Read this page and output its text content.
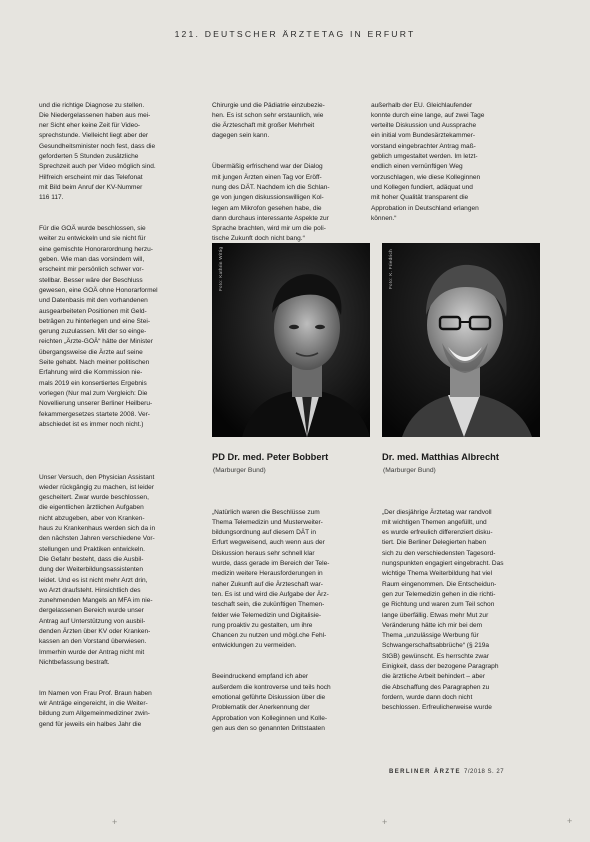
121. DEUTSCHER ÄRZTETAG IN ERFURT

und die richtige Diagnose zu stellen.
Die Niedergelassenen haben aus mei-
ner Sicht eher keine Zeit für Video-
sprechstunde. Vielleicht liegt aber der
Gesundheitsminister noch fest, dass die
geforderten 5 Stunden zusätzliche
Sprechzeit auch per Video möglich sind.
Hilfreich erscheint mir das Telefonat
mit Bild beim Anruf der KV-Nummer
116 117.

Für die GOÄ wurde beschlossen, sie
weiter zu entwickeln und sie nicht für
eine gemischte Honorarordnung herzu-
geben. Wie man das vorsindern will,
erscheint mir persönlich schwer vor-
stellbar. Besser wäre der Beschluss
gewesen, eine GOÄ ohne Honorarformel
und Datenbasis mit den vorhandenen
ausgearbeiteten Positionen mit Geld-
beträgen zu hinterlegen und eine Stei-
gerung zuzulassen. Mit der so einge-
reichten „Ärzte-GOÄ“ hätte der Minister
übergangsweise die Ärzte auf seine
Seite gehabt. Nach meiner politischen
Erfahrung wird die Kommission nie-
mals 2019 ein konsertiertes Ergebnis
vorlegen (Nur mal zum Vergleich: Die
Novellierung unserer Berliner Heilberu-
fekammergesetzes startete 2008. Ver-
abschiedet ist es immer noch nicht.)

Unser Versuch, den Physician Assistant
wieder rückgängig zu machen, ist leider
gescheitert. Zwar wurde beschlossen,
die eigentlichen ärztlichen Aufgaben
nicht abzugeben, aber von Kranken-
haus zu Krankenhaus werden sich da in
den nächsten Jahren verschiedene Vor-
stellungen und Praktiken entwickeln.
Die Gefahr besteht, dass die Ausbil-
dung der Weiterbildungsassistenten
leidet. Und es ist nicht mehr Arzt drin,
wo Arzt draufsteht. Hinsichtlich des
zunehmenden Mangels an MFA im nie-
dergelassenen Bereich wurde unser
Antrag auf Unterstützung von ausbil-
denden Ärzten über KV oder Kranken-
kassen an den Vorstand überwiesen.
Immerhin wurde der Antrag nicht mit
Nichtbefassung bestraft.

Im Namen von Frau Prof. Braun haben
wir Anträge eingereicht, in die Weiter-
bildung zum Allgemeinmediziner zwin-
gend für jeweils ein halbes Jahr die

Chirurgie und die Pädiatrie einzubezie-
hen. Es ist schon sehr erstaunlich, wie
die Ärzteschaft mit großer Mehrheit
dagegen sein kann.

Übermäßig erfrischend war der Dialog
mit jungen Ärzten einen Tag vor Eröff-
nung des DÄT. Nachdem ich die Schlan-
ge von jungen diskussionswilligen Kol-
legen am Mikrofon gesehen habe, die
dann durchaus interessante Aspekte zur
Sprache brachten, wird mir um die poli-
tische Zukunft doch nicht bang.“

außerhalb der EU. Gleichlaufender
konnte durch eine lange, auf zwei Tage
verteilte Diskussion und Aussprache
ein initial vom Bundesärztekammer-
vorstand eingebrachter Antrag maß-
geblich umgestaltet werden. Im letzt-
endlich einen vernünftigen Weg
vorzuschlagen, wie diese Kolleginnen
und Kollegen fundiert, adäquat und
mit hoher Qualität transparent die
Approbation in Deutschland erlangen
können.“

Foto: Kathrin Wittig	Foto: K. Friedrich
PD Dr. med. Peter Bobbert
(Marburger Bund)
Dr. med. Matthias Albrecht
(Marburger Bund)

„Natürlich waren die Beschlüsse zum
Thema Telemedizin und Musterweiter-
bildungsordnung auf diesem DÄT in
Erfurt wegweisend, auch wenn aus der
Diskussion heraus sehr schnell klar
wurde, dass gerade im Bereich der Tele-
medizin weitere Herausforderungen in
naher Zukunft auf die Ärzteschaft war-
ten. Es ist und wird die Aufgabe der Ärz-
teschaft sein, die zukünftigen Themen-
felder wie Telemedizin und Digitalisie-
rung proaktiv zu gestalten, um ihre
Chancen zu nutzen und mögl.che Fehl-
entwicklungen zu vermeiden.

Beeindruckend empfand ich aber
außerdem die kontroverse und teils hoch
emotional geführte Diskussion über die
Problematik der Anerkennung der
Approbation von Kolleginnen und Kolle-
gen aus den so genannten Drittstaaten

„Der diesjährige Ärztetag war randvoll
mit wichtigen Themen angefüllt, und
es wurde erfreulich differenziert disku-
tiert. Die Berliner Delegierten haben
sich zu den verschiedensten Tagesord-
nungspunkten engagiert eingebracht. Das
wichtige Thema Weiterbildung hat viel
Raum eingenommen. Die Entscheidun-
gen zur Telemedizin gehen in die richti-
ge Richtung und waren zum Teil schon
lange überfällig. Etwas mehr Mut zur
Veränderung hätte ich mir bei dem
Thema „unzulässige Werbung für
Schwangerschaftsabbrüche“ (§ 219a
StGB) gewünscht. Es herrschte zwar
Einigkeit, dass der bezogene Paragraph
die ärztliche Arbeit behindert – aber
die Abschaffung des Paragraphen zu
fordern, wurde dann doch nicht
beschlossen. Erfreulicherweise wurde

BERLINER ÄRZTE 7/2018 S. 27
+	+	+
